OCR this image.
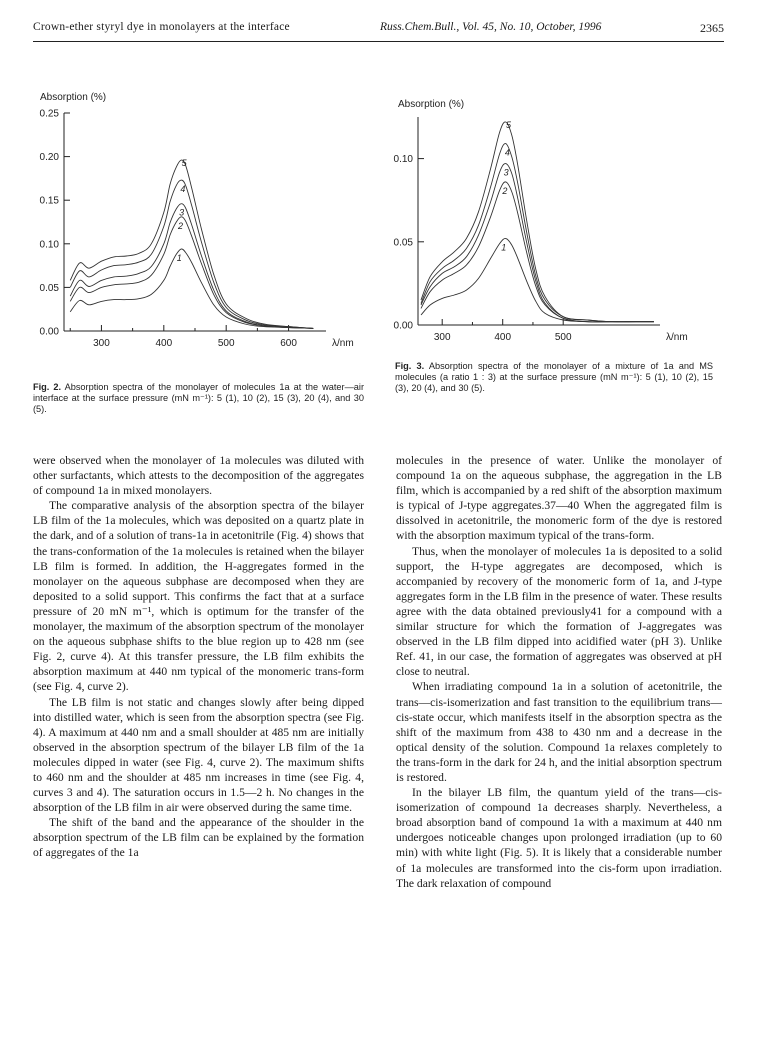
Crown-ether styryl dye in monolayers at the interface	Russ.Chem.Bull., Vol. 45, No. 10, October, 1996	2365
Absorption (%)
0.00
0.05
0.10
0.15
0.20
0.25
300	400	500	600	λ/nm
1
2
3
4
5
Fig. 2. Absorption spectra of the monolayer of molecules 1a at the water—air interface at the surface pressure (mN m⁻¹): 5 (1), 10 (2), 15 (3), 20 (4), and 30 (5).
Absorption (%)
0.00
0.05
0.10
300	400	500	λ/nm
1
2
3
4
5
Fig. 3. Absorption spectra of the monolayer of a mixture of 1a and MS molecules (a ratio 1 : 3) at the surface pressure (mN m⁻¹): 5 (1), 10 (2), 15 (3), 20 (4), and 30 (5).

were observed when the monolayer of 1a molecules was diluted with other surfactants, which attests to the decomposition of the aggregates of compound 1a in mixed monolayers.

The comparative analysis of the absorption spectra of the bilayer LB film of the 1a molecules, which was deposited on a quartz plate in the dark, and of a solution of trans-1a in acetonitrile (Fig. 4) shows that the trans-conformation of the 1a molecules is retained when the bilayer LB film is formed. In addition, the H-aggregates formed in the monolayer on the aqueous subphase are decomposed when they are deposited to a solid support. This confirms the fact that at a surface pressure of 20 mN m⁻¹, which is optimum for the transfer of the monolayer, the maximum of the absorption spectrum of the monolayer on the aqueous subphase shifts to the blue region up to 428 nm (see Fig. 2, curve 4). At this transfer pressure, the LB film exhibits the absorption maximum at 440 nm typical of the monomeric trans-form (see Fig. 4, curve 2).

The LB film is not static and changes slowly after being dipped into distilled water, which is seen from the absorption spectra (see Fig. 4). A maximum at 440 nm and a small shoulder at 485 nm are initially observed in the absorption spectrum of the bilayer LB film of the 1a molecules dipped in water (see Fig. 4, curve 2). The maximum shifts to 460 nm and the shoulder at 485 nm increases in time (see Fig. 4, curves 3 and 4). The saturation occurs in 1.5—2 h. No changes in the absorption of the LB film in air were observed during the same time.

The shift of the band and the appearance of the shoulder in the absorption spectrum of the LB film can be explained by the formation of aggregates of the 1a

molecules in the presence of water. Unlike the monolayer of compound 1a on the aqueous subphase, the aggregation in the LB film, which is accompanied by a red shift of the absorption maximum is typical of J-type aggregates.37—40 When the aggregated film is dissolved in acetonitrile, the monomeric form of the dye is restored with the absorption maximum typical of the trans-form.

Thus, when the monolayer of molecules 1a is deposited to a solid support, the H-type aggregates are decomposed, which is accompanied by recovery of the monomeric form of 1a, and J-type aggregates form in the LB film in the presence of water. These results agree with the data obtained previously41 for a compound with a similar structure for which the formation of J-aggregates was observed in the LB film dipped into acidified water (pH 3). Unlike Ref. 41, in our case, the formation of aggregates was observed at pH close to neutral.

When irradiating compound 1a in a solution of acetonitrile, the trans—cis-isomerization and fast transition to the equilibrium trans—cis-state occur, which manifests itself in the absorption spectra as the shift of the maximum from 438 to 430 nm and a decrease in the optical density of the solution. Compound 1a relaxes completely to the trans-form in the dark for 24 h, and the initial absorption spectrum is restored.

In the bilayer LB film, the quantum yield of the trans—cis-isomerization of compound 1a decreases sharply. Nevertheless, a broad absorption band of compound 1a with a maximum at 440 nm undergoes noticeable changes upon prolonged irradiation (up to 60 min) with white light (Fig. 5). It is likely that a considerable number of 1a molecules are transformed into the cis-form upon irradiation. The dark relaxation of compound
